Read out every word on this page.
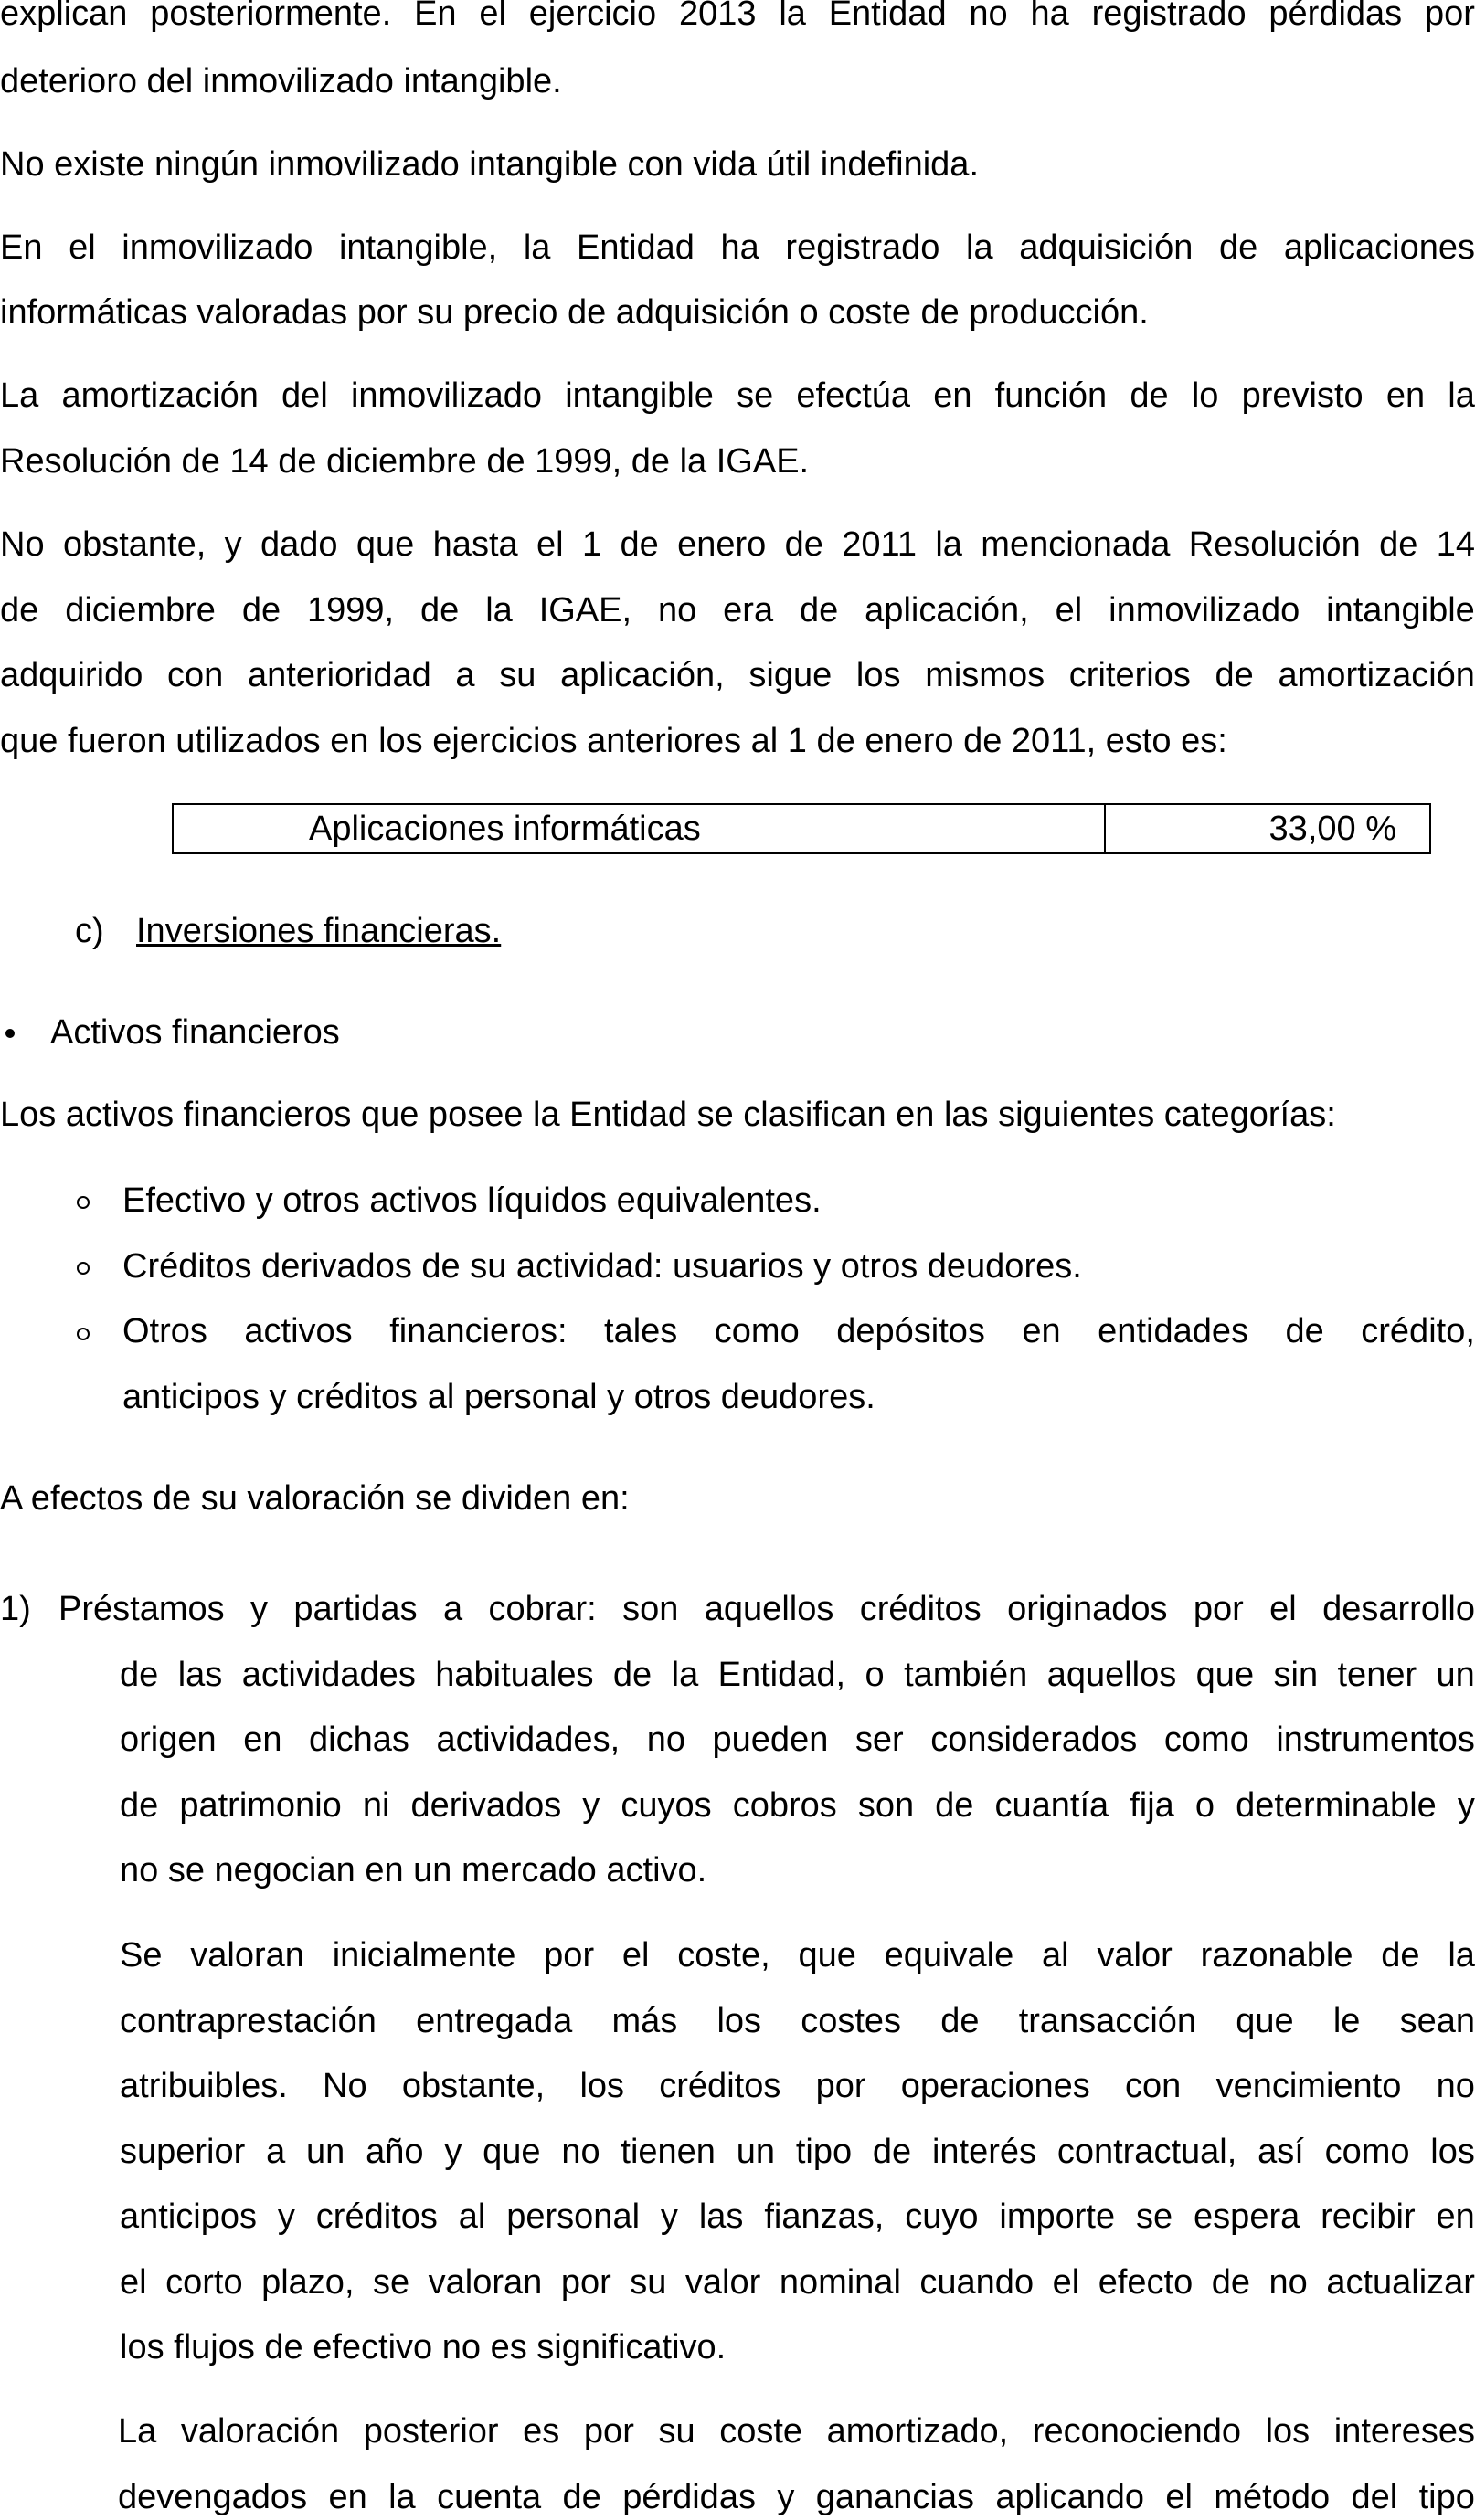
explican posteriormente. En el ejercicio 2013 la Entidad no ha registrado pérdidas por
deterioro del inmovilizado intangible.
No existe ningún inmovilizado intangible con vida útil indefinida.
En el inmovilizado intangible, la Entidad ha registrado la adquisición de aplicaciones
informáticas valoradas por su precio de adquisición o coste de producción.
La amortización del inmovilizado intangible se efectúa en función de lo previsto en la
Resolución de 14 de diciembre de 1999, de la IGAE.
No obstante, y dado que hasta el 1 de enero de 2011 la mencionada Resolución de 14
de diciembre de 1999, de la IGAE, no era de aplicación, el inmovilizado intangible
adquirido con anterioridad a su aplicación, sigue los mismos criterios de amortización
que fueron utilizados en los ejercicios anteriores al 1 de enero de 2011, esto es:
Aplicaciones informáticas	33,00 %
c) Inversiones financieras.
Activos financieros
Los activos financieros que posee la Entidad se clasifican en las siguientes categorías:
Efectivo y otros activos líquidos equivalentes.
Créditos derivados de su actividad: usuarios y otros deudores.
Otros activos financieros: tales como depósitos en entidades de crédito,
anticipos y créditos al personal y otros deudores.
A efectos de su valoración se dividen en:
1) Préstamos y partidas a cobrar: son aquellos créditos originados por el desarrollo
de las actividades habituales de la Entidad, o también aquellos que sin tener un
origen en dichas actividades, no pueden ser considerados como instrumentos
de patrimonio ni derivados y cuyos cobros son de cuantía fija o determinable y
no se negocian en un mercado activo.
Se valoran inicialmente por el coste, que equivale al valor razonable de la
contraprestación entregada más los costes de transacción que le sean
atribuibles. No obstante, los créditos por operaciones con vencimiento no
superior a un año y que no tienen un tipo de interés contractual, así como los
anticipos y créditos al personal y las fianzas, cuyo importe se espera recibir en
el corto plazo, se valoran por su valor nominal cuando el efecto de no actualizar
los flujos de efectivo no es significativo.
La valoración posterior es por su coste amortizado, reconociendo los intereses
devengados en la cuenta de pérdidas y ganancias aplicando el método del tipo
